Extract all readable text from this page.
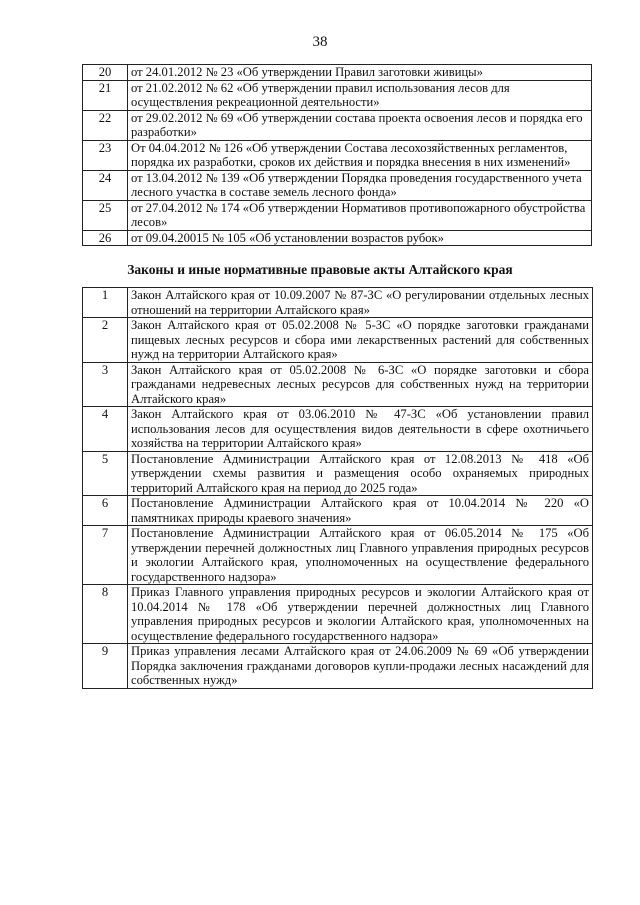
38
20	от 24.01.2012 № 23 «Об утверждении Правил заготовки живицы»
21	от 21.02.2012 № 62 «Об утверждении правил использования лесов для осуществления рекреационной деятельности»
22	от 29.02.2012 № 69 «Об утверждении состава проекта освоения лесов и порядка его разработки»
23	От 04.04.2012 № 126 «Об утверждении Состава лесохозяйственных регламентов, порядка их разработки, сроков их действия и порядка внесения в них изменений»
24	от 13.04.2012 № 139 «Об утверждении Порядка проведения государственного учета лесного участка в составе земель лесного фонда»
25	от 27.04.2012 № 174 «Об утверждении Нормативов противопожарного обустройства лесов»
26	от 09.04.20015 № 105 «Об установлении возрастов рубок»
Законы и иные нормативные правовые акты Алтайского края
1	Закон Алтайского края от 10.09.2007 № 87-ЗС «О регулировании отдельных лесных отношений на территории Алтайского края»
2	Закон Алтайского края от 05.02.2008 № 5-ЗС «О порядке заготовки гражданами пищевых лесных ресурсов и сбора ими лекарственных растений для собственных нужд на территории Алтайского края»
3	Закон Алтайского края от 05.02.2008 № 6-ЗС «О порядке заготовки и сбора гражданами недревесных лесных ресурсов для собственных нужд на территории Алтайского края»
4	Закон Алтайского края от 03.06.2010 № 47-ЗС «Об установлении правил использования лесов для осуществления видов деятельности в сфере охотничьего хозяйства на территории Алтайского края»
5	Постановление Администрации Алтайского края от 12.08.2013 № 418 «Об утверждении схемы развития и размещения особо охраняемых природных территорий Алтайского края на период до 2025 года»
6	Постановление Администрации Алтайского края от 10.04.2014 № 220 «О памятниках природы краевого значения»
7	Постановление Администрации Алтайского края от 06.05.2014 № 175 «Об утверждении перечней должностных лиц Главного управления природных ресурсов и экологии Алтайского края, уполномоченных на осуществление федерального государственного надзора»
8	Приказ Главного управления природных ресурсов и экологии Алтайского края от 10.04.2014 № 178 «Об утверждении перечней должностных лиц Главного управления природных ресурсов и экологии Алтайского края, уполномоченных на осуществление федерального государственного надзора»
9	Приказ управления лесами Алтайского края от 24.06.2009 № 69 «Об утверждении Порядка заключения гражданами договоров купли-продажи лесных насаждений для собственных нужд»
